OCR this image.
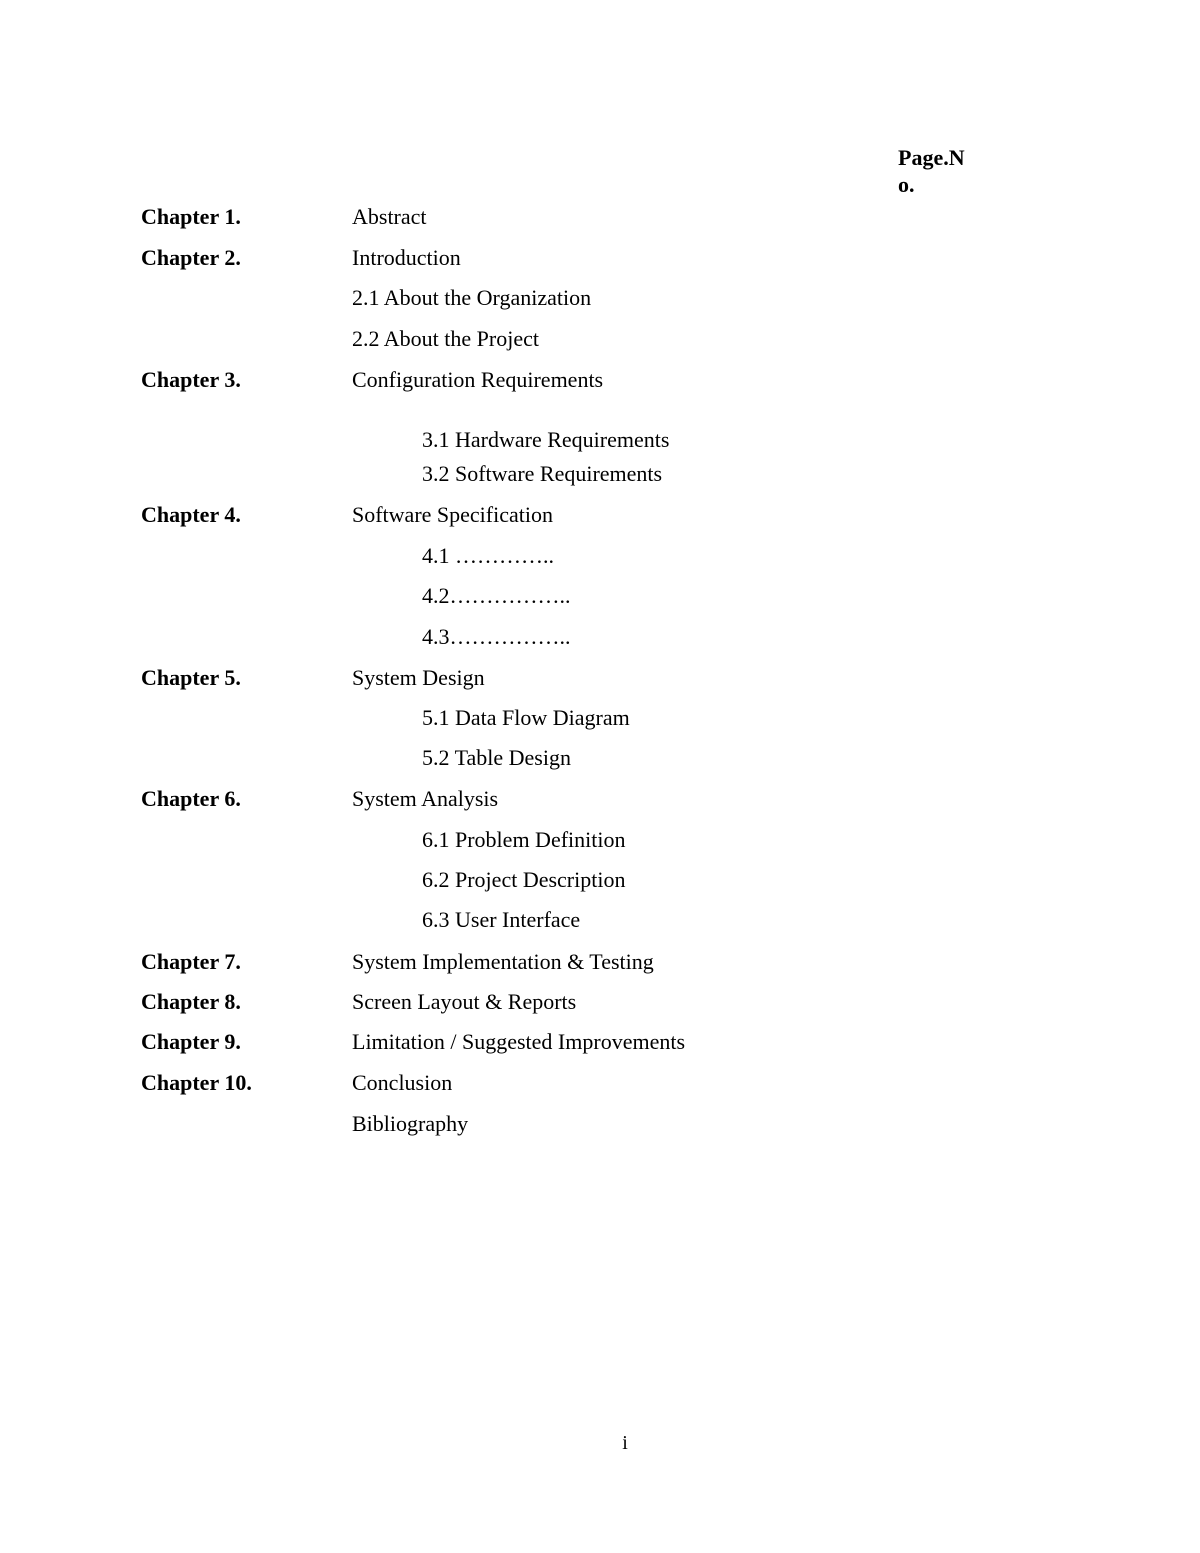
Page.No.
Chapter 1.	Abstract
Chapter 2.	Introduction
2.1 About the Organization
2.2 About the Project
Chapter 3.	Configuration Requirements
3.1 Hardware Requirements
3.2 Software Requirements
Chapter 4.	Software Specification
4.1 …………..
4.2……………..
4.3……………..
Chapter 5.	System Design
5.1 Data Flow Diagram
5.2 Table Design
Chapter 6.	System Analysis
6.1 Problem Definition
6.2 Project Description
6.3 User Interface
Chapter 7.	System Implementation & Testing
Chapter 8.	Screen Layout & Reports
Chapter 9.	Limitation / Suggested Improvements
Chapter 10.	Conclusion
Bibliography
i
